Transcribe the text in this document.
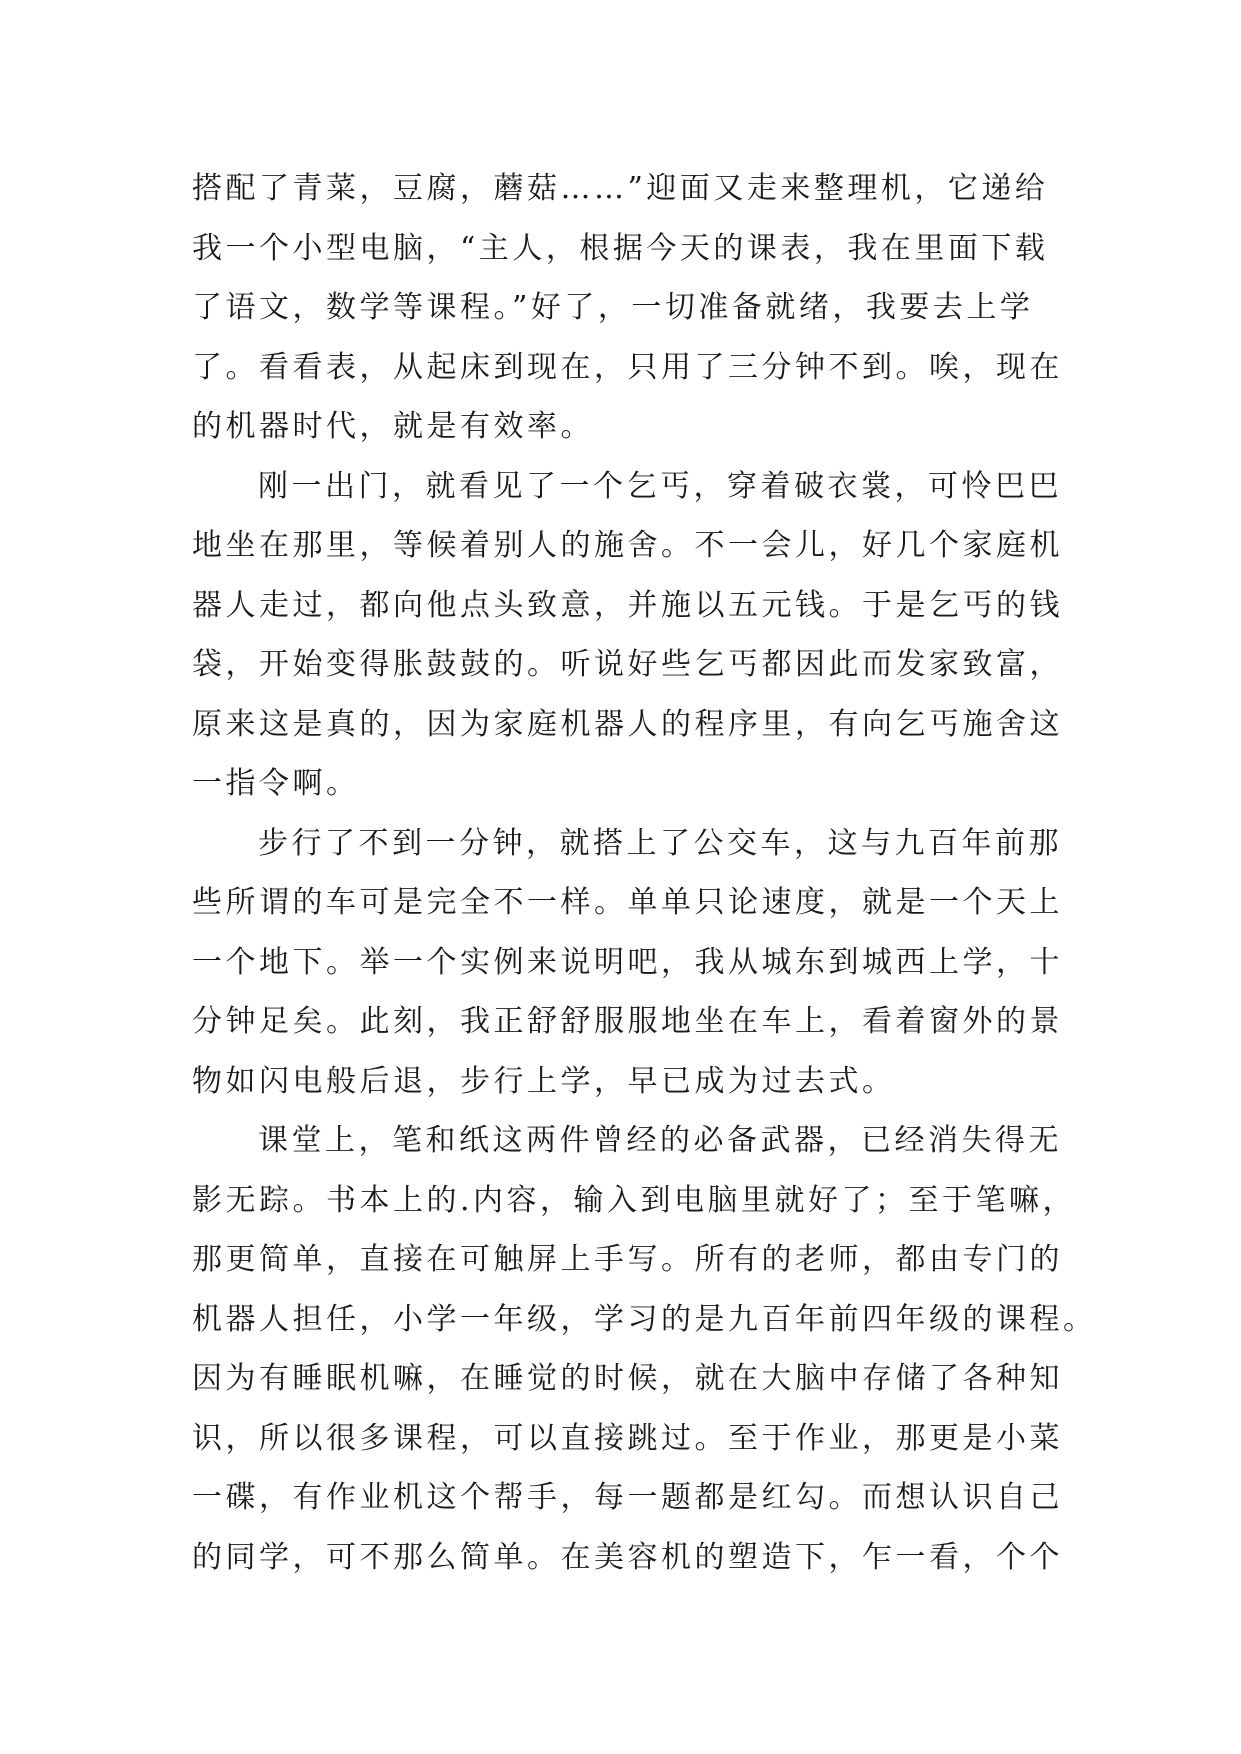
搭配了青菜，豆腐，蘑菇……”迎面又走来整理机，它递给
我一个小型电脑，“主人，根据今天的课表，我在里面下载
了语文，数学等课程。”好了，一切准备就绪，我要去上学
了。看看表，从起床到现在，只用了三分钟不到。唉，现在
的机器时代，就是有效率。
刚一出门，就看见了一个乞丐，穿着破衣裳，可怜巴巴
地坐在那里，等候着别人的施舍。不一会儿，好几个家庭机
器人走过，都向他点头致意，并施以五元钱。于是乞丐的钱
袋，开始变得胀鼓鼓的。听说好些乞丐都因此而发家致富，
原来这是真的，因为家庭机器人的程序里，有向乞丐施舍这
一指令啊。
步行了不到一分钟，就搭上了公交车，这与九百年前那
些所谓的车可是完全不一样。单单只论速度，就是一个天上
一个地下。举一个实例来说明吧，我从城东到城西上学，十
分钟足矣。此刻，我正舒舒服服地坐在车上，看着窗外的景
物如闪电般后退，步行上学，早已成为过去式。
课堂上，笔和纸这两件曾经的必备武器，已经消失得无
影无踪。书本上的.内容，输入到电脑里就好了；至于笔嘛，
那更简单，直接在可触屏上手写。所有的老师，都由专门的
机器人担任，小学一年级，学习的是九百年前四年级的课程。
因为有睡眠机嘛，在睡觉的时候，就在大脑中存储了各种知
识，所以很多课程，可以直接跳过。至于作业，那更是小菜
一碟，有作业机这个帮手，每一题都是红勾。而想认识自己
的同学，可不那么简单。在美容机的塑造下，乍一看，个个
